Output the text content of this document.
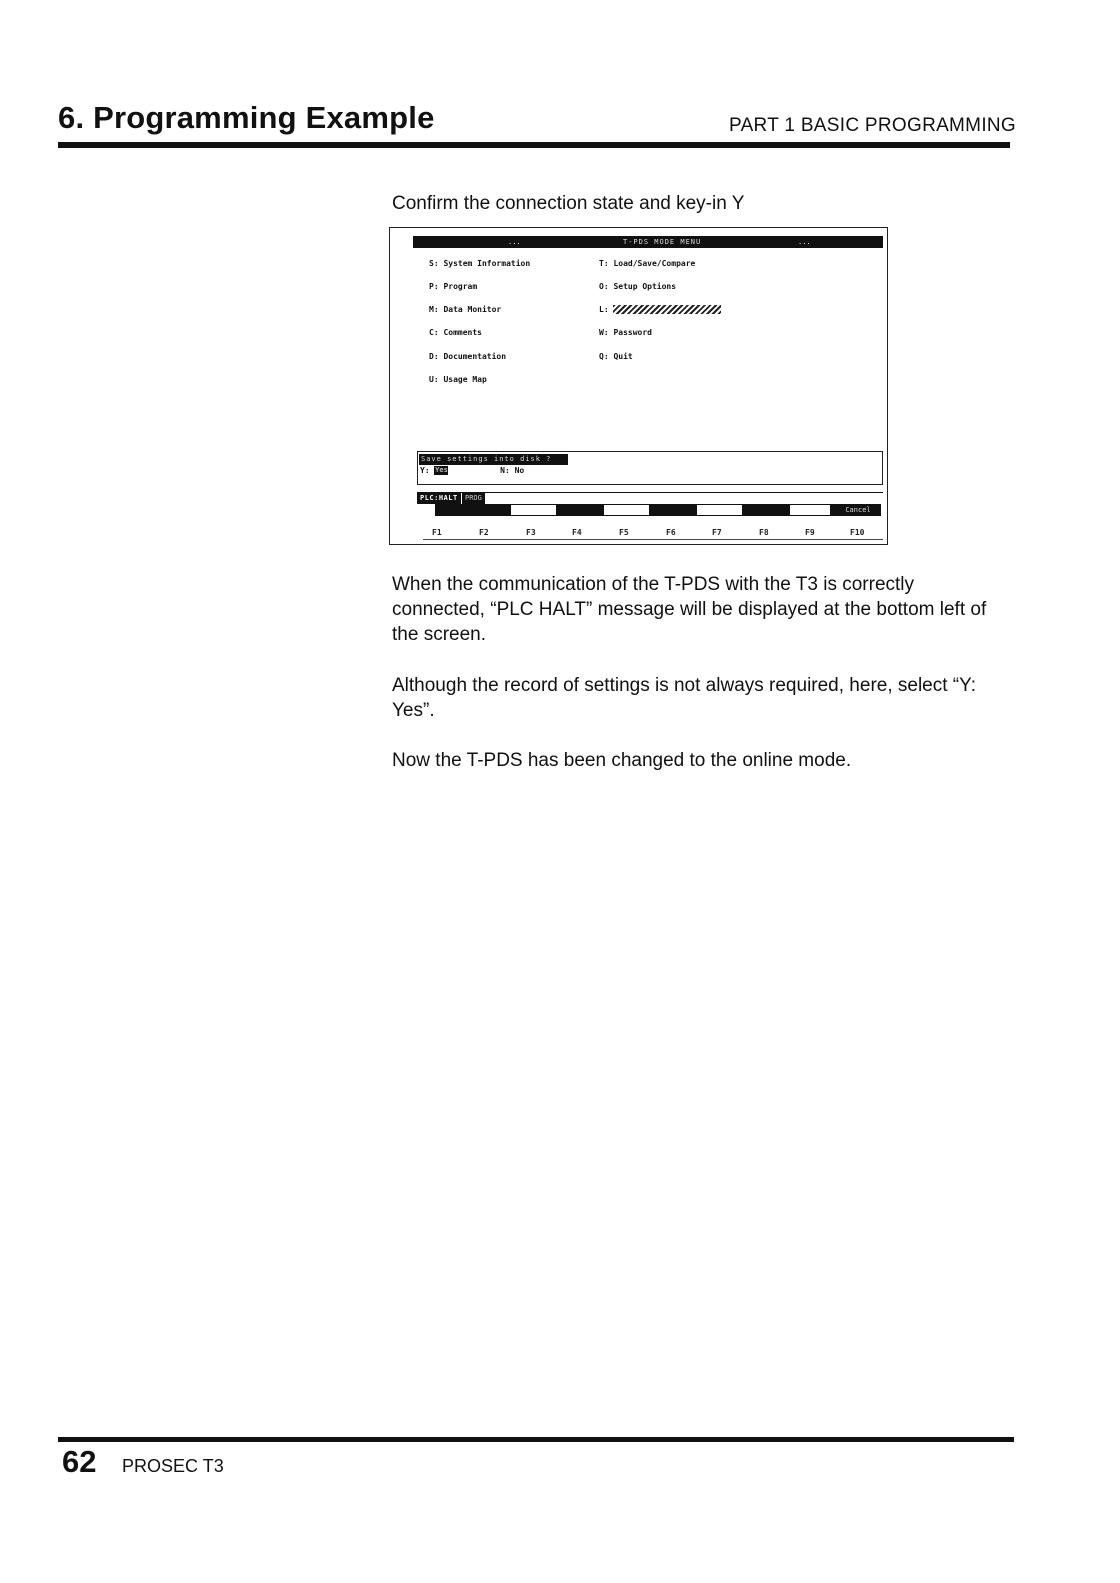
6. Programming Example	PART 1 BASIC PROGRAMMING
Confirm the connection state and key-in Y
...	T-PDS MODE MENU	...
S: System Information
P: Program
M: Data Monitor
C: Comments
D: Documentation
U: Usage Map
T: Load/Save/Compare
O: Setup Options
L:
W: Password
Q: Quit
Save settings into disk ?
Y: Yes	N: No
PLC:HALT	PROG
Cancel
F1	F2	F3	F4	F5	F6	F7	F8	F9	F10
When the communication of the T-PDS with the T3 is correctly connected, “PLC HALT” message will be displayed at the bottom left of the screen.
Although the record of settings is not always required, here, select “Y: Yes”.
Now the T-PDS has been changed to the online mode.
62 PROSEC T3
